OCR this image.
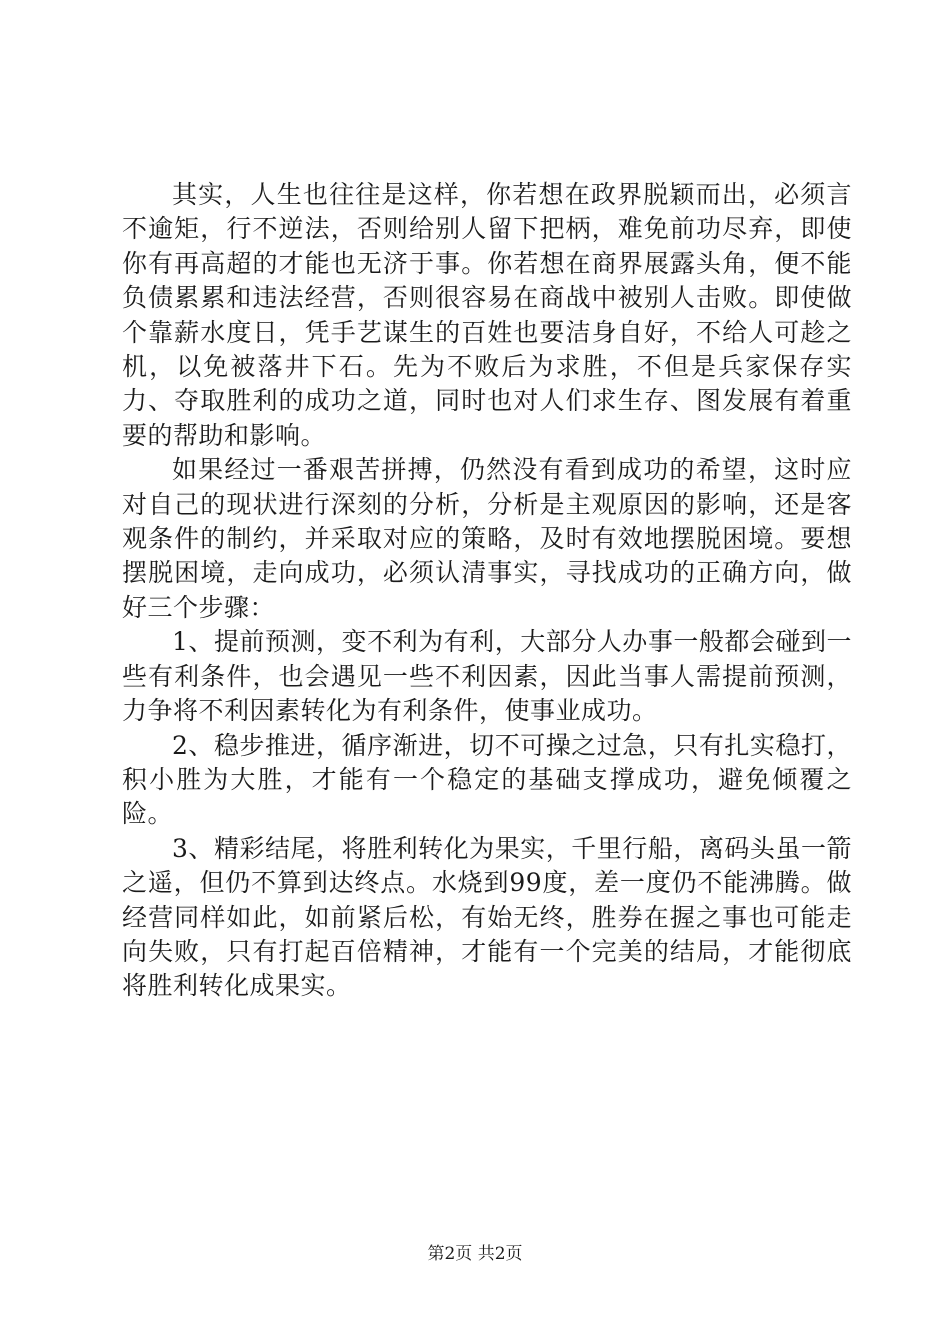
其实，人生也往往是这样，你若想在政界脱颖而出，必须言不逾矩，行不逆法，否则给别人留下把柄，难免前功尽弃，即使你有再高超的才能也无济于事。你若想在商界展露头角，便不能负债累累和违法经营，否则很容易在商战中被别人击败。即使做个靠薪水度日，凭手艺谋生的百姓也要洁身自好，不给人可趁之机，以免被落井下石。先为不败后为求胜，不但是兵家保存实力、夺取胜利的成功之道，同时也对人们求生存、图发展有着重要的帮助和影响。

如果经过一番艰苦拼搏，仍然没有看到成功的希望，这时应对自己的现状进行深刻的分析，分析是主观原因的影响，还是客观条件的制约，并采取对应的策略，及时有效地摆脱困境。要想摆脱困境，走向成功，必须认清事实，寻找成功的正确方向，做好三个步骤：

1、提前预测，变不利为有利，大部分人办事一般都会碰到一些有利条件，也会遇见一些不利因素，因此当事人需提前预测，力争将不利因素转化为有利条件，使事业成功。

2、稳步推进，循序渐进，切不可操之过急，只有扎实稳打，积小胜为大胜，才能有一个稳定的基础支撑成功，避免倾覆之险。

3、精彩结尾，将胜利转化为果实，千里行船，离码头虽一箭之遥，但仍不算到达终点。水烧到99度，差一度仍不能沸腾。做经营同样如此，如前紧后松，有始无终，胜券在握之事也可能走向失败，只有打起百倍精神，才能有一个完美的结局，才能彻底将胜利转化成果实。

第2页 共2页
